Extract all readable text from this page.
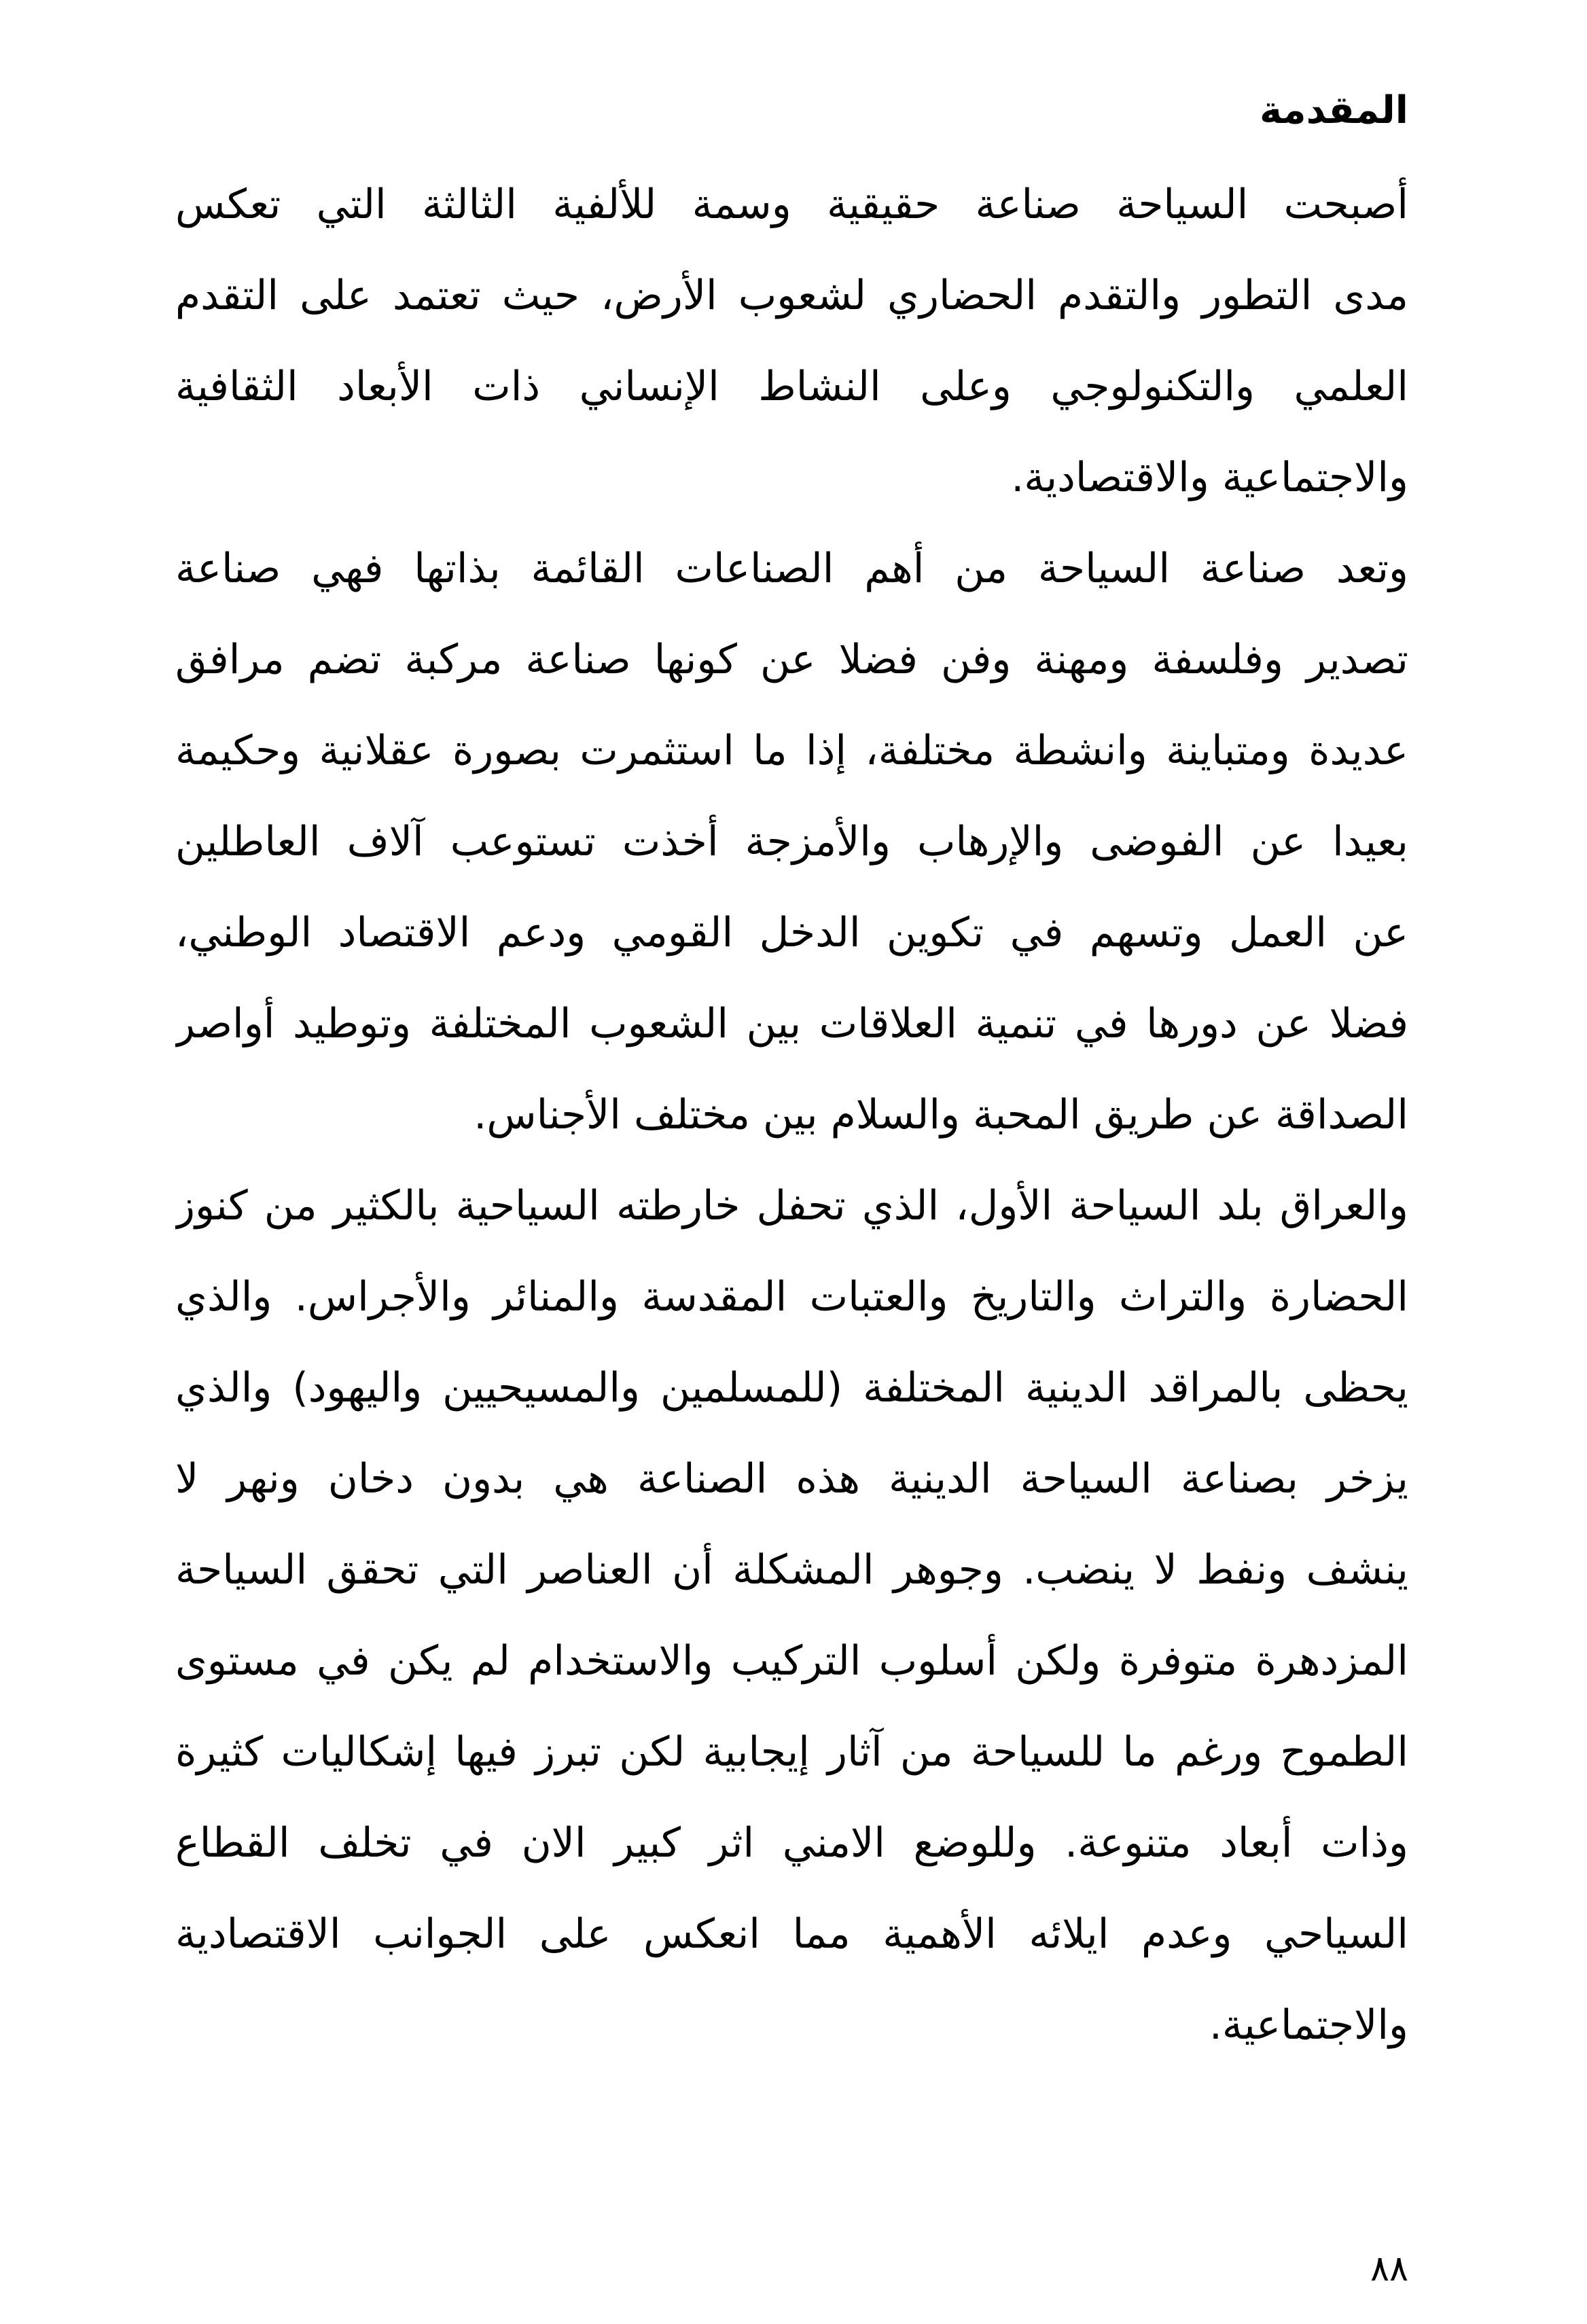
المقدمة
أصبحت السياحة صناعة حقيقية وسمة للألفية الثالثة التي تعكس
مدى التطور والتقدم الحضاري لشعوب الأرض، حيث تعتمد على التقدم
العلمي والتكنولوجي وعلى النشاط الإنساني ذات الأبعاد الثقافية
والاجتماعية والاقتصادية.
وتعد صناعة السياحة من أهم الصناعات القائمة بذاتها فهي صناعة
تصدير وفلسفة ومهنة وفن فضلا عن كونها صناعة مركبة تضم مرافق
عديدة ومتباينة وانشطة مختلفة، إذا ما استثمرت بصورة عقلانية وحكيمة
بعيدا عن الفوضى والإرهاب والأمزجة أخذت تستوعب آلاف العاطلين
عن العمل وتسهم في تكوين الدخل القومي ودعم الاقتصاد الوطني،
فضلا عن دورها في تنمية العلاقات بين الشعوب المختلفة وتوطيد أواصر
الصداقة عن طريق المحبة والسلام بين مختلف الأجناس.
والعراق بلد السياحة الأول، الذي تحفل خارطته السياحية بالكثير من كنوز
الحضارة والتراث والتاريخ والعتبات المقدسة والمنائر والأجراس. والذي
يحظى بالمراقد الدينية المختلفة (للمسلمين والمسيحيين واليهود) والذي
يزخر بصناعة السياحة الدينية هذه الصناعة هي بدون دخان ونهر لا
ينشف ونفط لا ينضب. وجوهر المشكلة أن العناصر التي تحقق السياحة
المزدهرة متوفرة ولكن أسلوب التركيب والاستخدام لم يكن في مستوى
الطموح ورغم ما للسياحة من آثار إيجابية لكن تبرز فيها إشكاليات كثيرة
وذات أبعاد متنوعة. وللوضع الامني اثر كبير الان في تخلف القطاع
السياحي وعدم ايلائه الأهمية مما انعكس على الجوانب الاقتصادية
والاجتماعية.

٨٨
